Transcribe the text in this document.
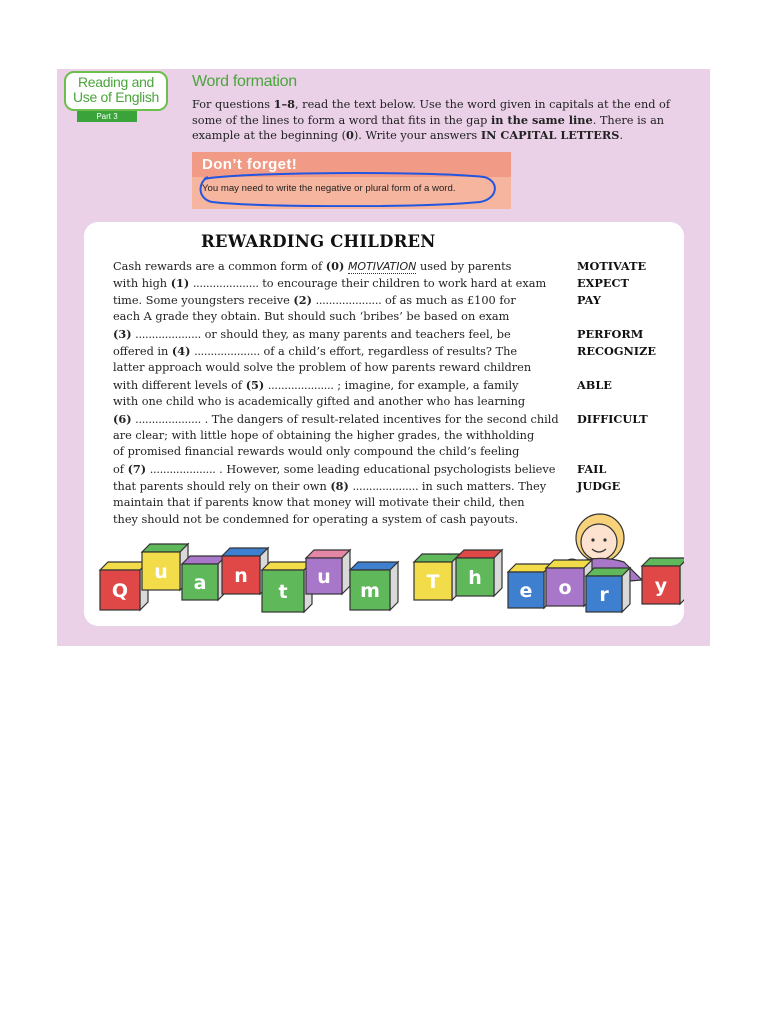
Reading and Use of English
Part 3
Word formation
For questions 1–8, read the text below. Use the word given in capitals at the end of some of the lines to form a word that fits in the gap in the same line. There is an example at the beginning (0). Write your answers IN CAPITAL LETTERS.
Don’t forget!
You may need to write the negative or plural form of a word.
REWARDING CHILDREN
Cash rewards are a common form of (0) MOTIVATION used by parents
with high (1) .................... to encourage their children to work hard at exam
time. Some youngsters receive (2) .................... of as much as £100 for
each A grade they obtain. But should such ‘bribes’ be based on exam
(3) .................... or should they, as many parents and teachers feel, be
offered in (4) .................... of a child’s effort, regardless of results? The
latter approach would solve the problem of how parents reward children
with different levels of (5) .................... ; imagine, for example, a family
with one child who is academically gifted and another who has learning
(6) .................... . The dangers of result-related incentives for the second child
are clear; with little hope of obtaining the higher grades, the withholding
of promised financial rewards would only compound the child’s feeling
of (7) .................... . However, some leading educational psychologists believe
that parents should rely on their own (8) .................... in such matters. They
maintain that if parents know that money will motivate their child, then
they should not be condemned for operating a system of cash payouts.
MOTIVATE
EXPECT
PAY
PERFORM
RECOGNIZE
ABLE
DIFFICULT
FAIL
JUDGE
Q
u a n
t
u
m T h
e o r y
